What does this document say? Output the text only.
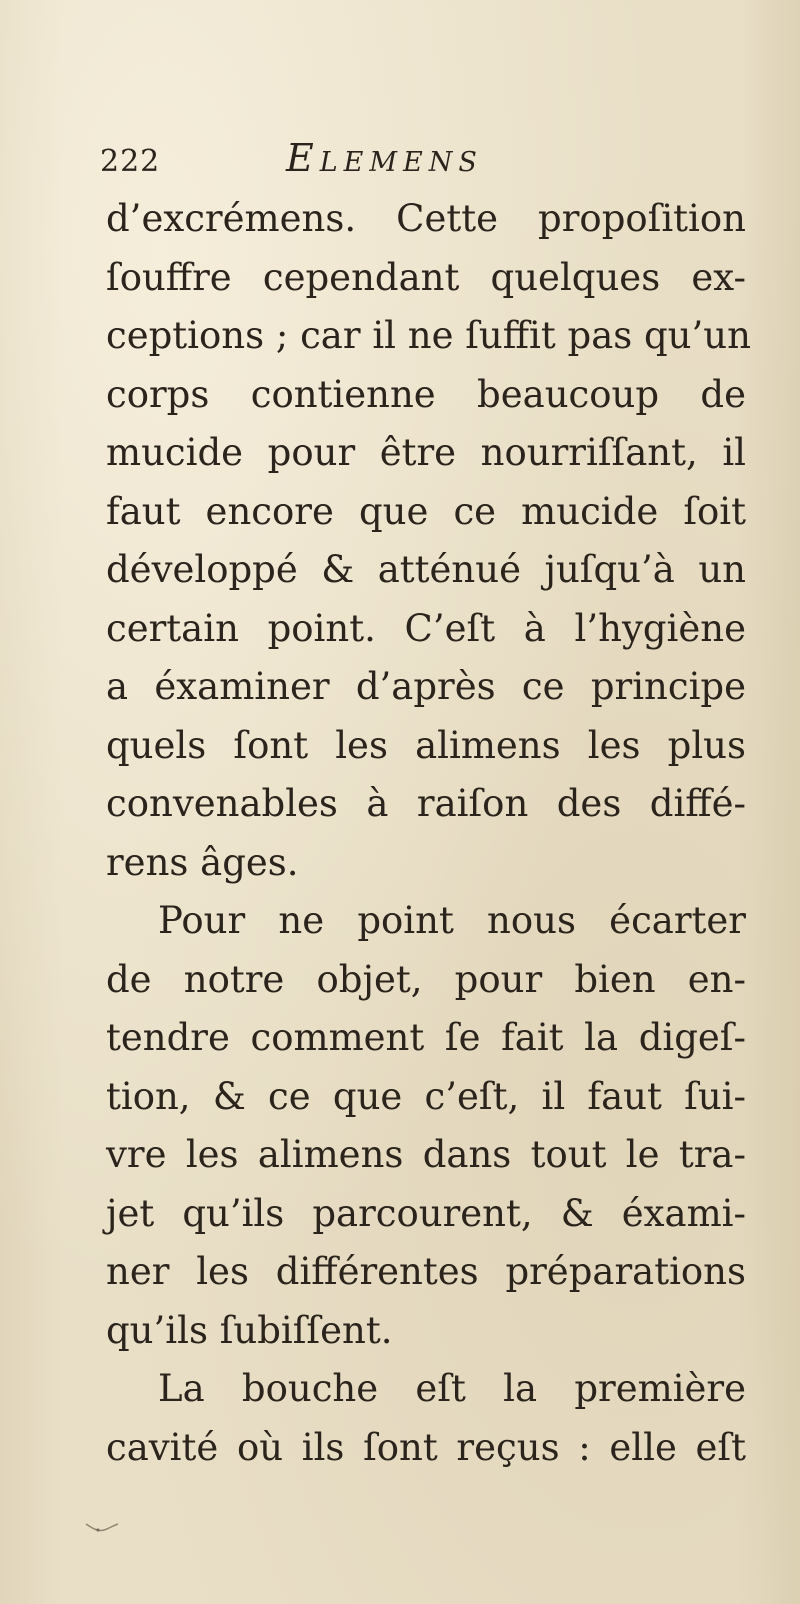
222	Elemens
d’excrémens. Cette propoſition
ſouffre cependant quelques ex-
ceptions ; car il ne ſuffit pas qu’un
corps contienne beaucoup de
mucide pour être nourriſſant, il
faut encore que ce mucide ſoit
développé & atténué juſqu’à un
certain point. C’eſt à l’hygiène
a éxaminer d’après ce principe
quels ſont les alimens les plus
convenables à raiſon des diffé-
rens âges.
Pour ne point nous écarter
de notre objet, pour bien en-
tendre comment ſe fait la digeſ-
tion, & ce que c’eſt, il faut ſui-
vre les alimens dans tout le tra-
jet qu’ils parcourent, & éxami-
ner les différentes préparations
qu’ils ſubiſſent.
La bouche eſt la première
cavité où ils ſont reçus : elle eſt
